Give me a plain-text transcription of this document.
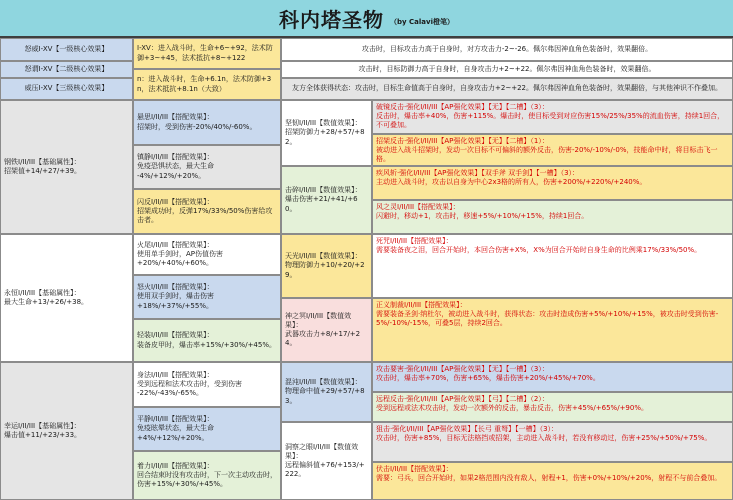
科内塔圣物 （by Calavi橙笔）
怒威I-XV【一级核心效果】
怒谓I-XV【二级核心效果】
威压I-XV【三级核心效果】
I-XV：进入战斗时，生命+6~+92，法术防御+3~+45，法术抵抗+8~+122
n：进入战斗时，生命+6.1n，法术防御+3n，法术抵抗+8.1n（大致）
攻击时，目标攻击力高于自身时，对方攻击力-2~-26。佩尔弗因神血角色装备时，效果翻倍。
攻击时，目标防御力高于自身时，自身攻击力+2~+22。佩尔弗因神血角色装备时，效果翻倍。
友方全体获得状态：攻击时，目标生命值高于自身时，自身攻击力+2~+22。佩尔弗因神血角色装备时，效果翻倍，与其他神识不作叠加。
钢铁I/II/III【基础属性】：
招架值+14/+27/+39。
悬思I/II/III【搭配效果】：
招架时，受到伤害-20%/40%/-60%。
镇静I/II/III【搭配效果】：
免疫恐惧状态，最大生命
-4%/+12%/+20%。
闪反I/II/III【搭配效果】：
招架成功时，反弹17%/33%/50%伤害给攻击者。
坚韧I/II/III【数值效果】：
招架防御力+28/+57/+82。
击碎I/II/III【数值效果】：
爆击伤害+21/+41/+60。
破镜反击·强化I/II/III【AP强化效果】【无】【二槽】（3）：
反击时，爆击率+40%，伤害+115%。爆击时，使目标受到对应伤害15%/25%/35%的流血伤害，持续1回合，不可叠加。
招架反击·强化I/II/III【AP强化效果】【无】【二槽】（1）：
被动进入战斗招架时，发动一次目标不可偏斜的额外反击，伤害-20%/-10%/-0%，技能命中时，将目标击飞一格。
疾风斩·强化I/II/III【AP强化效果】【双手斧 双手剑】【一槽】（3）：
主动进入战斗时，攻击以自身为中心2x3格的所有人，伤害+200%/+220%/+240%。
风之灵I/II/III【搭配效果】：
闪避时，移动+1，攻击时，移速+5%/+10%/+15%，持续1回合。
永恒I/II/III【基础属性】：
最大生命+13/+26/+38。
火尾I/II/III【搭配效果】：
使用单手剑时，AP伤值伤害
+20%/+40%/+60%。
怒火I/II/III【搭配效果】：
使用双手剑时，爆击伤害
+18%/+37%/+55%。
轻装I/II/III【搭配效果】：
装备皮甲时，爆击率+15%/+30%/+45%。
天光I/II/III【数值效果】：
物理防御力+10/+20/+29。
神之冥I/II/III【数值效果】：
武器攻击力+8/+17/+24。
死咒I/II/III【搭配效果】：
需要装备夜之泪，回合开始时，本回合伤害+X%，X%为回合开始时自身生命的比例乘17%/33%/50%。
正义制裁I/II/III【搭配效果】：
需要装备圣剑·纳杜尔，被动进入战斗时，获得状态：攻击时造成伤害+5%/+10%/+15%，被攻击时受到伤害-5%/-10%/-15%，可叠5层，持续2回合。
幸运I/II/III【基础属性】：
爆击值+11/+23/+33。
身法I/II/III【搭配效果】：
受到远程和法术攻击时，受到伤害
-22%/-43%/-65%。
平静I/II/III【搭配效果】：
免疫眩晕状态，最大生命
+4%/+12%/+20%。
着力I/II/III【搭配效果】：
回合结束时没有攻击时，下一次主动攻击时，伤害+15%/+30%/+45%。
混沌I/II/III【数值效果】：
物理命中值+29/+57/+83。
洞察之眼I/II/III【数值效果】：
远程偏斜值+76/+153/+222。
攻击要害·强化I/II/III【AP强化效果】【无】【一槽】（3）：
攻击时，爆击率+70%，伤害+65%，爆击伤害+20%/+45%/+70%。
远程反击·强化I/II/III【AP强化效果】【弓】【二槽】（2）：
受到远程或法术攻击时，发动一次额外的反击，暴击反击，伤害+45%/+65%/+90%。
狙击·强化I/II/III【AP强化效果】【长弓 重弩】【一槽】（3）：
攻击时，伤害+85%，目标无法格挡或招架，主动进入战斗时，若没有移动过，伤害+25%/+50%/+75%。
伏击I/II/III【搭配效果】：
需要：弓兵，回合开始时，如果2格范围内没有敌人，射程+1，伤害+0%/+10%/+20%，射程不与前合叠加。
